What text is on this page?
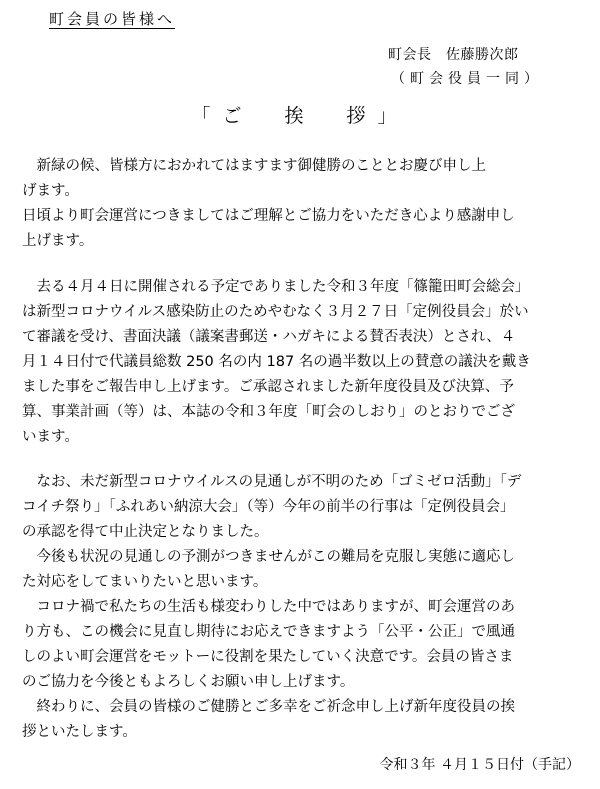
町会員の皆様へ
町会長　佐藤勝次郎
（町会役員一同）
「ご　挨　拶」
　新緑の候、皆様方におかれてはますます御健勝のこととお慶び申し上
げます。
日頃より町会運営につきましてはご理解とご協力をいただき心より感謝申し
上げます。
　去る４月４日に開催される予定でありました令和３年度「篠籠田町会総会」
は新型コロナウイルス感染防止のためやむなく３月２７日「定例役員会」於い
て審議を受け、書面決議（議案書郵送・ハガキによる賛否表決）とされ、４
月１４日付で代議員総数 250 名の内 187 名の過半数以上の賛意の議決を戴き
ました事をご報告申し上げます。ご承認されました新年度役員及び決算、予
算、事業計画（等）は、本誌の令和３年度「町会のしおり」のとおりでござ
います。
　なお、未だ新型コロナウイルスの見通しが不明のため「ゴミゼロ活動」「デ
コイチ祭り」「ふれあい納涼大会」（等）今年の前半の行事は「定例役員会」
の承認を得て中止決定となりました。
　今後も状況の見通しの予測がつきませんがこの難局を克服し実態に適応し
た対応をしてまいりたいと思います。
　コロナ禍で私たちの生活も様変わりした中ではありますが、町会運営のあ
り方も、この機会に見直し期待にお応えできますよう「公平・公正」で風通
しのよい町会運営をモットーに役割を果たしていく決意です。会員の皆さま
のご協力を今後ともよろしくお願い申し上げます。
　終わりに、会員の皆様のご健勝とご多幸をご祈念申し上げ新年度役員の挨
拶といたします。
令和３年 ４月１５日付（手記）
